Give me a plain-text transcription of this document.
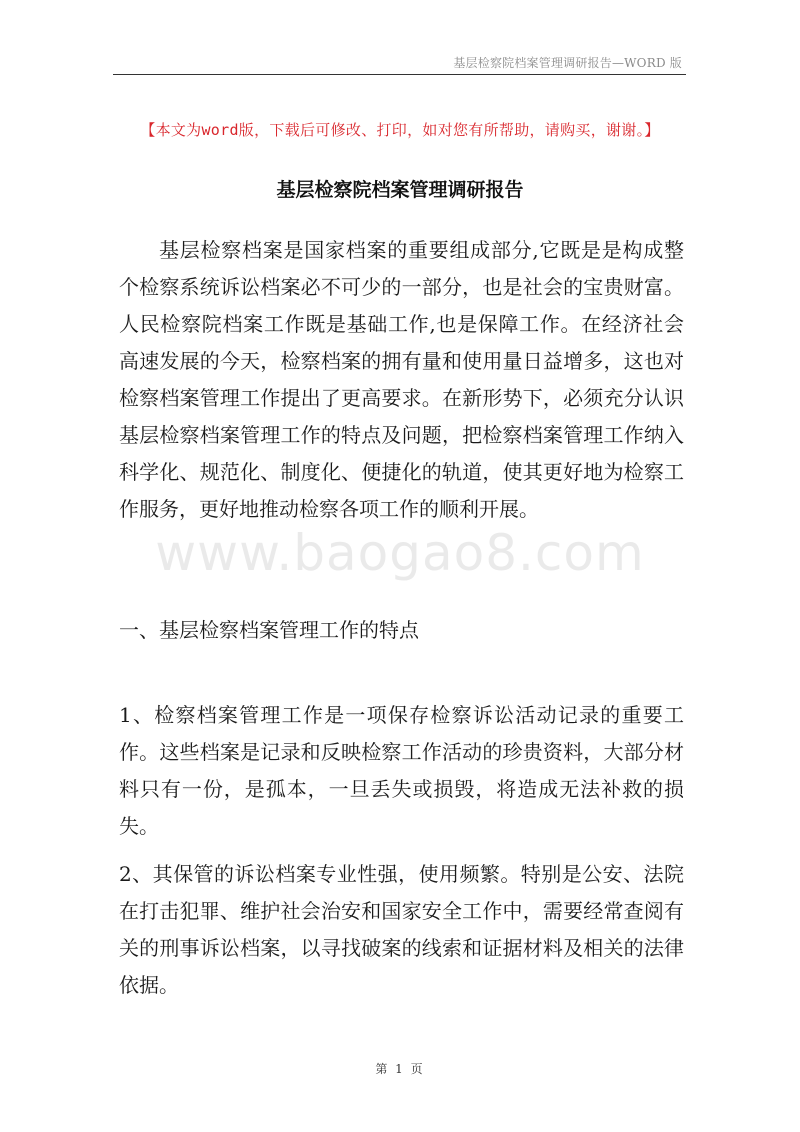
基层检察院档案管理调研报告—WORD 版
【本文为word版，下载后可修改、打印，如对您有所帮助，请购买，谢谢。】
基层检察院档案管理调研报告
基层检察档案是国家档案的重要组成部分,它既是是构成整个检察系统诉讼档案必不可少的一部分，也是社会的宝贵财富。人民检察院档案工作既是基础工作,也是保障工作。在经济社会高速发展的今天，检察档案的拥有量和使用量日益增多，这也对检察档案管理工作提出了更高要求。在新形势下，必须充分认识基层检察档案管理工作的特点及问题，把检察档案管理工作纳入科学化、规范化、制度化、便捷化的轨道，使其更好地为检察工作服务，更好地推动检察各项工作的顺利开展。
www.baogao8.com
一、基层检察档案管理工作的特点
1、检察档案管理工作是一项保存检察诉讼活动记录的重要工作。这些档案是记录和反映检察工作活动的珍贵资料，大部分材料只有一份，是孤本，一旦丢失或损毁，将造成无法补救的损失。
2、其保管的诉讼档案专业性强，使用频繁。特别是公安、法院在打击犯罪、维护社会治安和国家安全工作中，需要经常查阅有关的刑事诉讼档案，以寻找破案的线索和证据材料及相关的法律依据。
第 1 页
